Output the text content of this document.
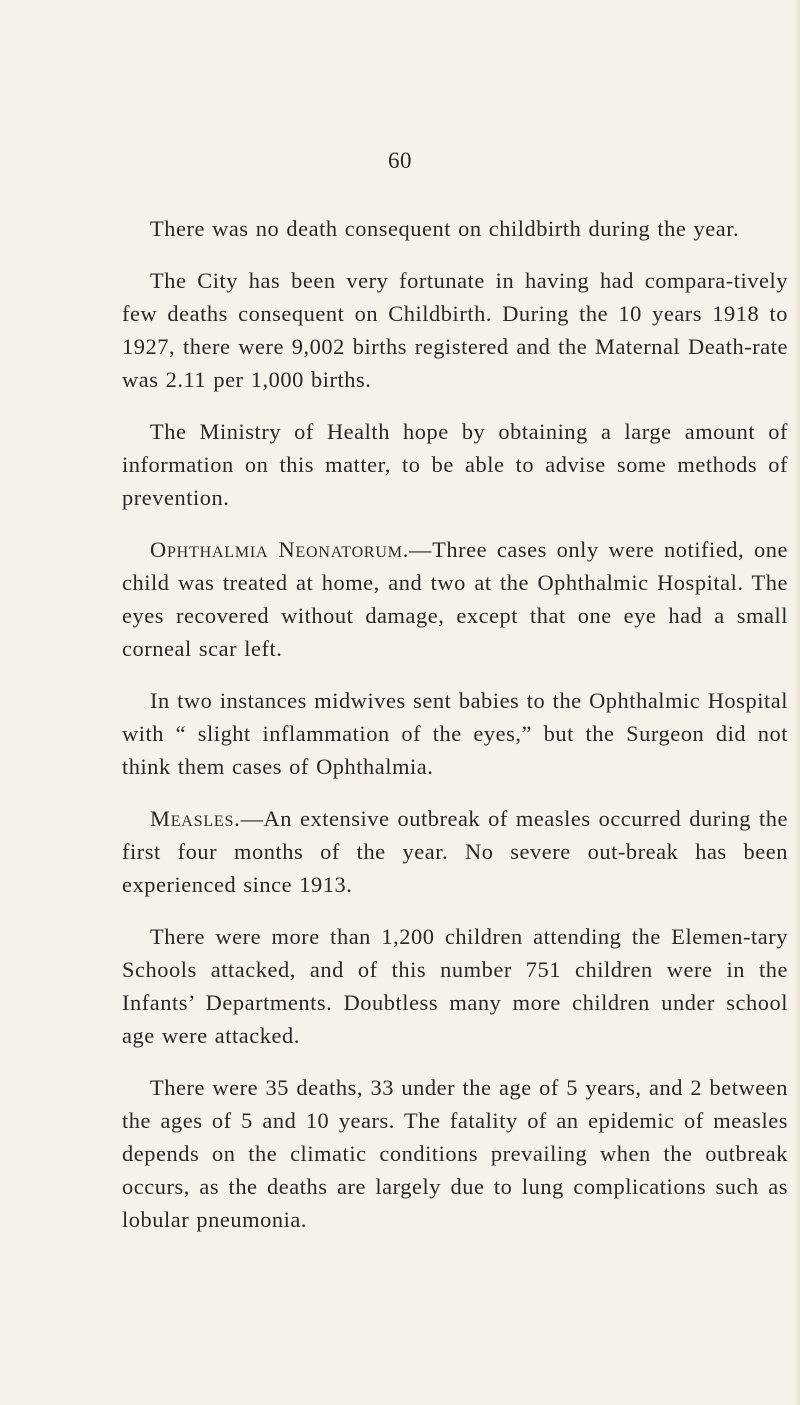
60

There was no death consequent on childbirth during the year.

The City has been very fortunate in having had compara-tively few deaths consequent on Childbirth. During the 10 years 1918 to 1927, there were 9,002 births registered and the Maternal Death-rate was 2.11 per 1,000 births.

The Ministry of Health hope by obtaining a large amount of information on this matter, to be able to advise some methods of prevention.

Ophthalmia Neonatorum.—Three cases only were notified, one child was treated at home, and two at the Ophthalmic Hospital. The eyes recovered without damage, except that one eye had a small corneal scar left.

In two instances midwives sent babies to the Ophthalmic Hospital with “ slight inflammation of the eyes,” but the Surgeon did not think them cases of Ophthalmia.

Measles.—An extensive outbreak of measles occurred during the first four months of the year. No severe out-break has been experienced since 1913.

There were more than 1,200 children attending the Elemen-tary Schools attacked, and of this number 751 children were in the Infants’ Departments. Doubtless many more children under school age were attacked.

There were 35 deaths, 33 under the age of 5 years, and 2 between the ages of 5 and 10 years. The fatality of an epidemic of measles depends on the climatic conditions prevailing when the outbreak occurs, as the deaths are largely due to lung complications such as lobular pneumonia.
